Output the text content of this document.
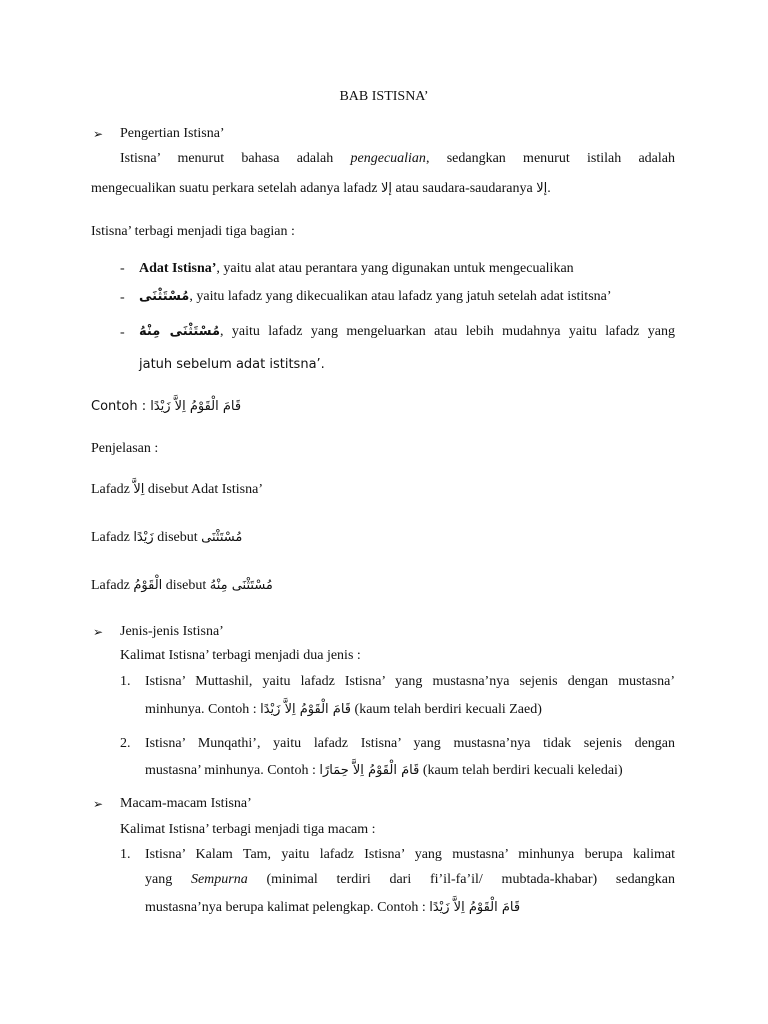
BAB ISTISNA’
➢ Pengertian Istisna’
Istisna’ menurut bahasa adalah pengecualian, sedangkan menurut istilah adalah
mengecualikan suatu perkara setelah adanya lafadz إلا atau saudara-saudaranya إلا.
Istisna’ terbagi menjadi tiga bagian :
- Adat Istisna’, yaitu alat atau perantara yang digunakan untuk mengecualikan
- مُسْتَثْنَى, yaitu lafadz yang dikecualikan atau lafadz yang jatuh setelah adat istitsna’
- مُسْتَثْنَى مِنْهُ, yaitu lafadz yang mengeluarkan atau lebih mudahnya yaitu lafadz yang
jatuh sebelum adat istitsna’.
Contoh : قَامَ الْقَوْمُ اِلاَّ زَيْدًا
Penjelasan :
Lafadz اِلاَّ disebut Adat Istisna’
Lafadz زَيْدًا disebut مُسْتَثْنَى
Lafadz الْقَوْمُ disebut مُسْتَثْنَى مِنْهُ
➢ Jenis-jenis Istisna’
Kalimat Istisna’ terbagi menjadi dua jenis :
1. Istisna’ Muttashil, yaitu lafadz Istisna’ yang mustasna’nya sejenis dengan mustasna’
minhunya. Contoh : قَامَ الْقَوْمُ اِلاَّ زَيْدًا (kaum telah berdiri kecuali Zaed)
2. Istisna’ Munqathi’, yaitu lafadz Istisna’ yang mustasna’nya tidak sejenis dengan
mustasna’ minhunya. Contoh : قَامَ الْقَوْمُ اِلاَّ حِمَارًا (kaum telah berdiri kecuali keledai)
➢ Macam-macam Istisna’
Kalimat Istisna’ terbagi menjadi tiga macam :
1. Istisna’ Kalam Tam, yaitu lafadz Istisna’ yang mustasna’ minhunya berupa kalimat
yang Sempurna (minimal terdiri dari fi’il-fa’il/ mubtada-khabar) sedangkan
mustasna’nya berupa kalimat pelengkap. Contoh : قَامَ الْقَوْمُ اِلاَّ زَيْدًا
